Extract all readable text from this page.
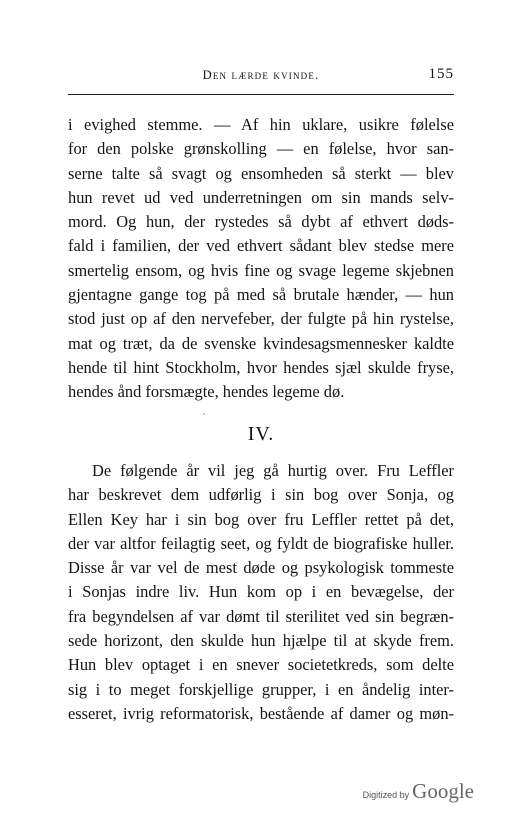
Den lærde kvinde.	155
i evighed stemme. — Af hin uklare, usikre følelse
for den polske grønskolling — en følelse, hvor san-
serne talte så svagt og ensomheden så sterkt — blev
hun revet ud ved underretningen om sin mands selv-
mord. Og hun, der rystedes så dybt af ethvert døds-
fald i familien, der ved ethvert sådant blev stedse mere
smertelig ensom, og hvis fine og svage legeme skjebnen
gjentagne gange tog på med så brutale hænder, — hun
stod just op af den nervefeber, der fulgte på hin rystelse,
mat og træt, da de svenske kvindesagsmennesker kaldte
hende til hint Stockholm, hvor hendes sjæl skulde fryse,
hendes ånd forsmægte, hendes legeme dø.
IV.
De følgende år vil jeg gå hurtig over. Fru Leffler
har beskrevet dem udførlig i sin bog over Sonja, og
Ellen Key har i sin bog over fru Leffler rettet på det,
der var altfor feilagtig seet, og fyldt de biografiske huller.
Disse år var vel de mest døde og psykologisk tommeste
i Sonjas indre liv. Hun kom op i en bevægelse, der
fra begyndelsen af var dømt til sterilitet ved sin begræn-
sede horizont, den skulde hun hjælpe til at skyde frem.
Hun blev optaget i en snever societetkreds, som delte
sig i to meget forskjellige grupper, i en åndelig inter-
esseret, ivrig reformatorisk, bestående af damer og møn-
Digitized by Google
